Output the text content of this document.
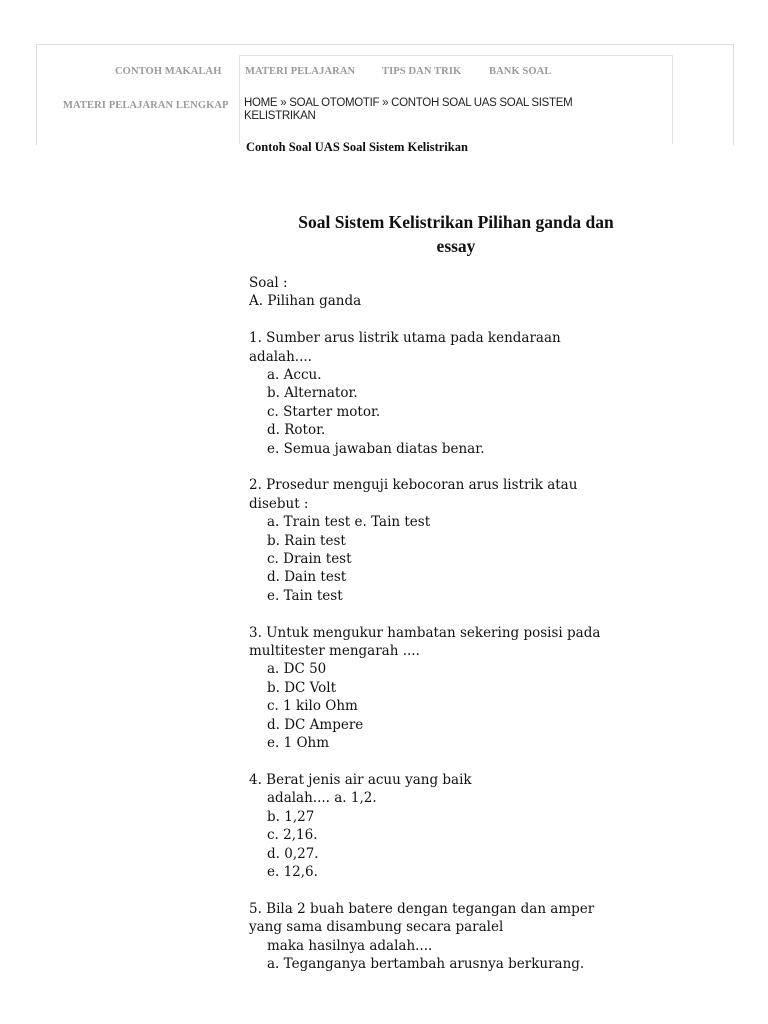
CONTOH MAKALAH MATERI PELAJARAN	TIPS DAN TRIK	BANK SOAL
MATERI PELAJARAN LENGKAP HOME » SOAL OTOMOTIF » CONTOH SOAL UAS SOAL SISTEM
KELISTRIKAN
Contoh Soal UAS Soal Sistem Kelistrikan
Soal Sistem Kelistrikan Pilihan ganda dan
essay
Soal :
A. Pilihan ganda
1. Sumber arus listrik utama pada kendaraan
adalah....
a. Accu.
b. Alternator.
c. Starter motor.
d. Rotor.
e. Semua jawaban diatas benar.
2. Prosedur menguji kebocoran arus listrik atau
disebut :
a. Train test e. Tain test
b. Rain test
c. Drain test
d. Dain test
e. Tain test
3. Untuk mengukur hambatan sekering posisi pada
multitester mengarah ....
a. DC 50
b. DC Volt
c. 1 kilo Ohm
d. DC Ampere
e. 1 Ohm
4. Berat jenis air acuu yang baik
adalah.... a. 1,2.
b. 1,27
c. 2,16.
d. 0,27.
e. 12,6.
5. Bila 2 buah batere dengan tegangan dan amper
yang sama disambung secara paralel
maka hasilnya adalah....
a. Teganganya bertambah arusnya berkurang.
